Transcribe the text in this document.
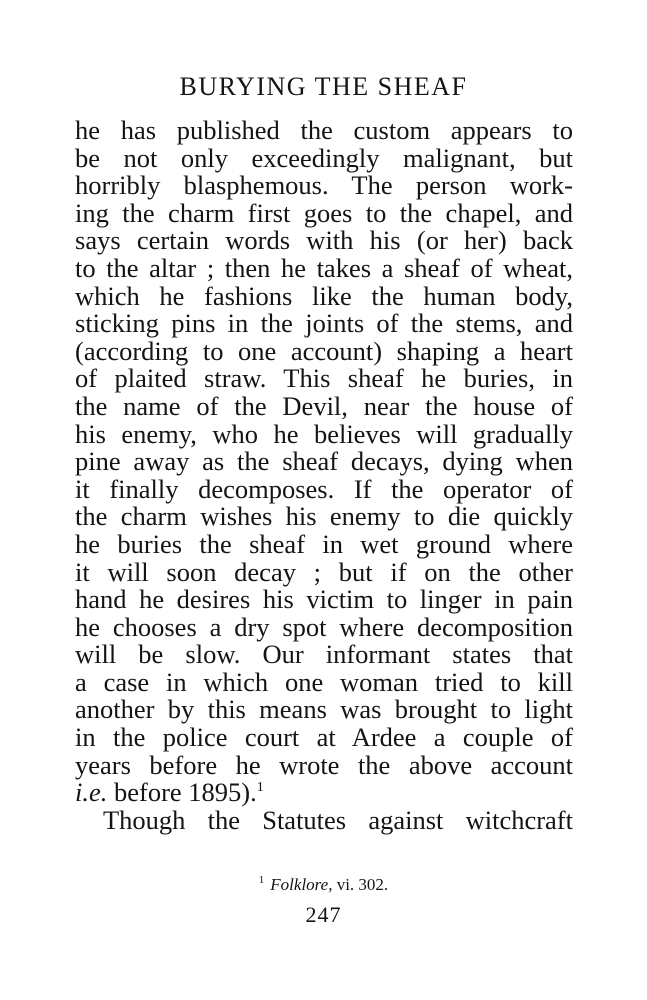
BURYING THE SHEAF
he has published the custom appears to
be not only exceedingly malignant, but
horribly blasphemous. The person work-
ing the charm first goes to the chapel, and
says certain words with his (or her) back
to the altar ; then he takes a sheaf of wheat,
which he fashions like the human body,
sticking pins in the joints of the stems, and
(according to one account) shaping a heart
of plaited straw. This sheaf he buries, in
the name of the Devil, near the house of
his enemy, who he believes will gradually
pine away as the sheaf decays, dying when
it finally decomposes. If the operator of
the charm wishes his enemy to die quickly
he buries the sheaf in wet ground where
it will soon decay ; but if on the other
hand he desires his victim to linger in pain
he chooses a dry spot where decomposition
will be slow. Our informant states that
a case in which one woman tried to kill
another by this means was brought to light
in the police court at Ardee a couple of
years before he wrote the above account
i.e. before 1895).$^1$
Though the Statutes against witchcraft
$^1$ Folklore, vi. 302.
247
